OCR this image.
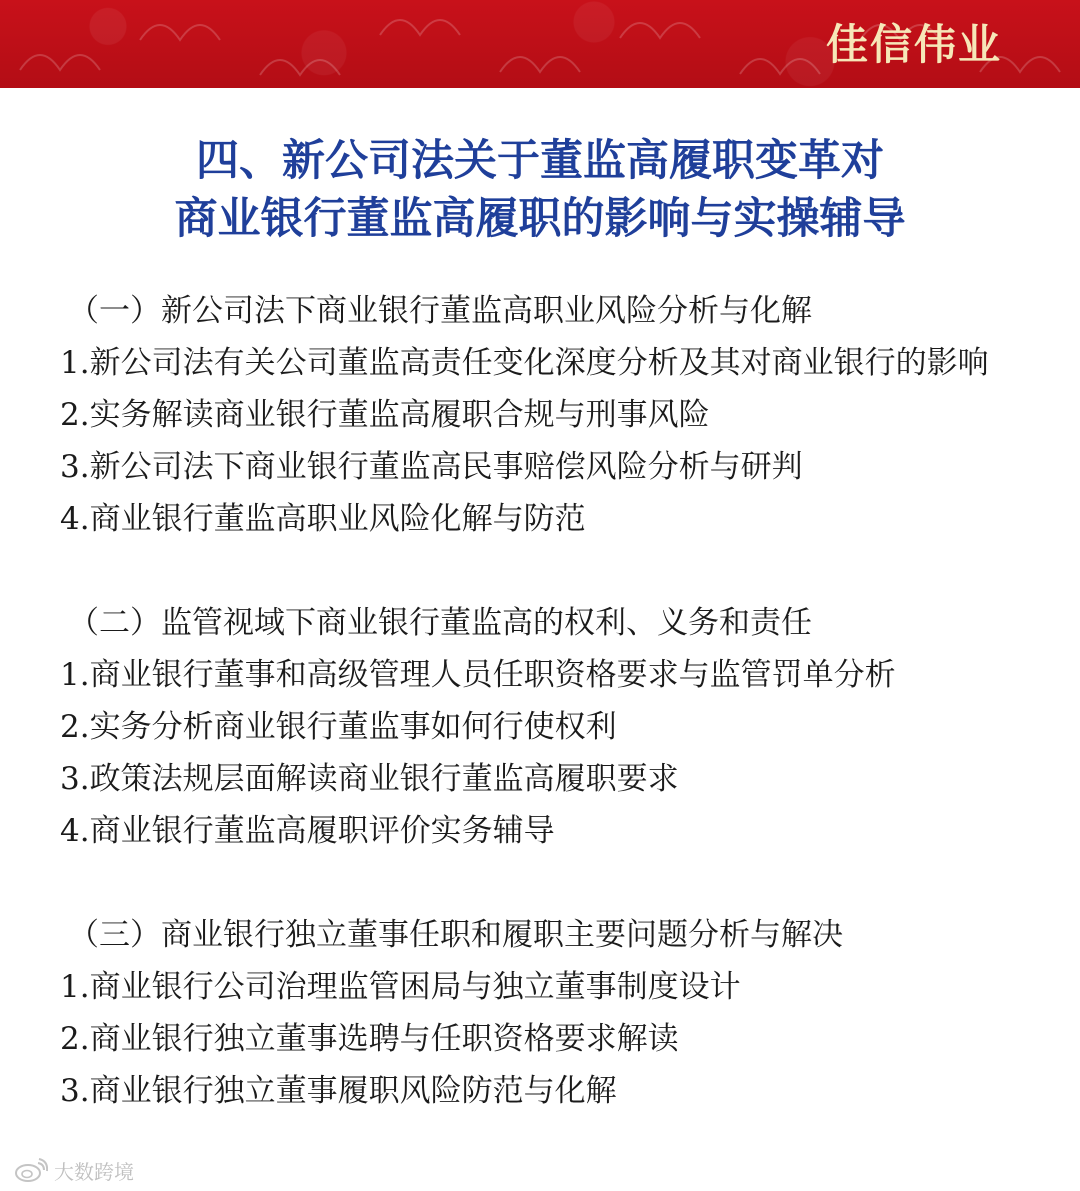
佳信伟业
四、新公司法关于董监高履职变革对
商业银行董监高履职的影响与实操辅导
（一）新公司法下商业银行董监高职业风险分析与化解
1.新公司法有关公司董监高责任变化深度分析及其对商业银行的影响
2.实务解读商业银行董监高履职合规与刑事风险
3.新公司法下商业银行董监高民事赔偿风险分析与研判
4.商业银行董监高职业风险化解与防范
（二）监管视域下商业银行董监高的权利、义务和责任
1.商业银行董事和高级管理人员任职资格要求与监管罚单分析
2.实务分析商业银行董监事如何行使权利
3.政策法规层面解读商业银行董监高履职要求
4.商业银行董监高履职评价实务辅导
（三）商业银行独立董事任职和履职主要问题分析与解决
1.商业银行公司治理监管困局与独立董事制度设计
2.商业银行独立董事选聘与任职资格要求解读
3.商业银行独立董事履职风险防范与化解
大数跨境
